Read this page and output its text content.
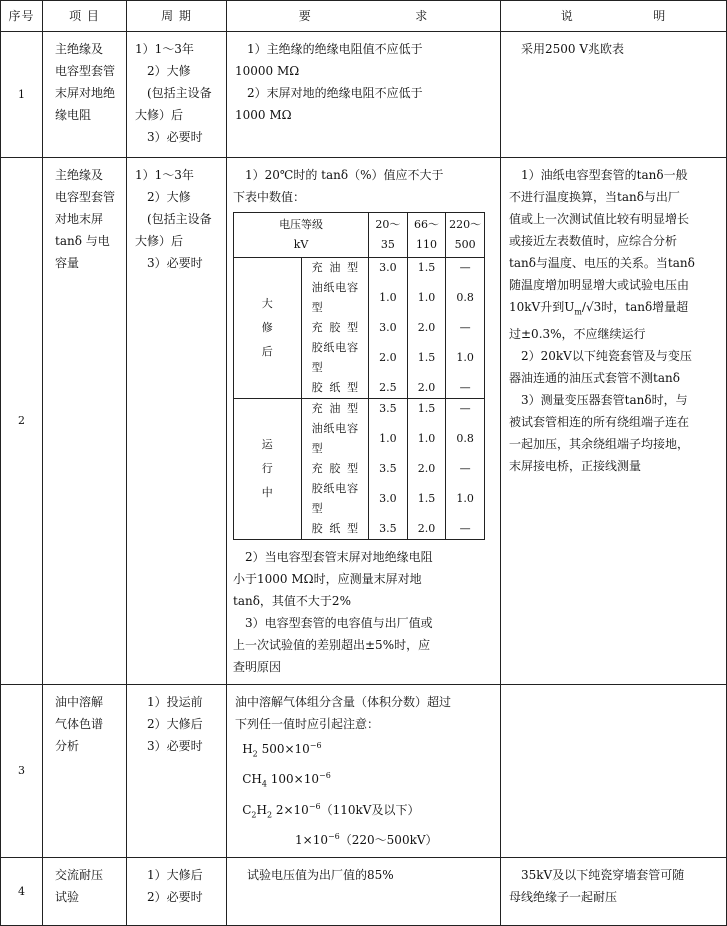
序号	项 目	周 期	要	求	说	明

1	
主绝缘及
电容型套管
末屏对地绝
缘电阻

1）1～3年
2）大修
(包括主设备
大修）后
3）必要时

1）主绝缘的绝缘电阻值不应低于
10000 MΩ
2）末屏对地的绝缘电阻不应低于
1000 MΩ

采用2500 V兆欧表

2	
主绝缘及
电容型套管
对地末屏
tanδ 与电
容量

1）1～3年
2）大修
(包括主设备
大修）后
3）必要时

1）20℃时的 tanδ（%）值应不大于
下表中数值：
电压等级
kV

20～
35

66～
110

220～
500

大
修
后
	充油型	3.0	1.5	—
油纸电容型	1.0	1.0	0.8
充胶型	3.0	2.0	—
胶纸电容型	2.0	1.5	1.0
胶纸型	2.5	2.0	—

运
行
中
	充油型	3.5	1.5	—
油纸电容型	1.0	1.0	0.8
充胶型	3.5	2.0	—
胶纸电容型	3.0	1.5	1.0
胶纸型	3.5	2.0	—
2）当电容型套管末屏对地绝缘电阻
小于1000 MΩ时，应测量末屏对地
tanδ，其值不大于2%
3）电容型套管的电容值与出厂值或
上一次试验值的差别超出±5%时，应
查明原因

1）油纸电容型套管的tanδ一般
不进行温度换算，当tanδ与出厂
值或上一次测试值比较有明显增长
或接近左表数值时，应综合分析
tanδ与温度、电压的关系。当tanδ
随温度增加明显增大或试验电压由
10kV升到$U_m/√3$时，tanδ增量超
过±0.3%，不应继续运行
2）20kV以下纯瓷套管及与变压
器油连通的油压式套管不测tanδ
3）测量变压器套管tanδ时，与
被试套管相连的所有绕组端子连在
一起加压，其余绕组端子均接地，
末屏接电桥，正接线测量

3	
油中溶解
气体色谱
分析

1）投运前
2）大修后
3）必要时

油中溶解气体组分含量（体积分数）超过
下列任一值时应引起注意：
$H_2$ $500\times 10^{-6}$
$CH_4$ $100\times 10^{-6}$
$C_2H_2$ $2\times 10^{-6}(110kV$及以下）
$1\times 10^{-6}(220\sim 500kV)$

4	
交流耐压
试验

1）大修后
2）必要时

试验电压值为出厂值的85%	35kV及以下纯瓷穿墙套管可随
母线绝缘子一起耐压
